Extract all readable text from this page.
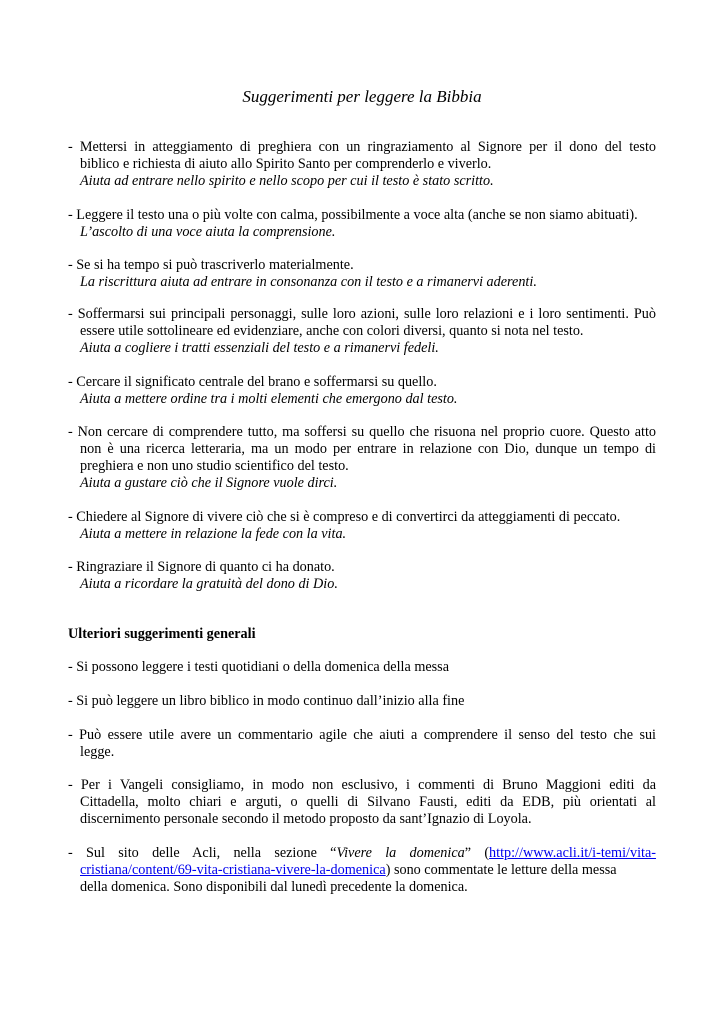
Suggerimenti per leggere la Bibbia
- Mettersi in atteggiamento di preghiera con un ringraziamento al Signore per il dono del testo
biblico e richiesta di aiuto allo Spirito Santo per comprenderlo e viverlo.
Aiuta ad entrare nello spirito e nello scopo per cui il testo è stato scritto.
- Leggere il testo una o più volte con calma, possibilmente a voce alta (anche se non siamo abituati).
L’ascolto di una voce aiuta la comprensione.
- Se si ha tempo si può trascriverlo materialmente.
La riscrittura aiuta ad entrare in consonanza con il testo e a rimanervi aderenti.
- Soffermarsi sui principali personaggi, sulle loro azioni, sulle loro relazioni e i loro sentimenti. Può
essere utile sottolineare ed evidenziare, anche con colori diversi, quanto si nota nel testo.
Aiuta a cogliere i tratti essenziali del testo e a rimanervi fedeli.
- Cercare il significato centrale del brano e soffermarsi su quello.
Aiuta a mettere ordine tra i molti elementi che emergono dal testo.
- Non cercare di comprendere tutto, ma soffersi su quello che risuona nel proprio cuore. Questo atto
non è una ricerca letteraria, ma un modo per entrare in relazione con Dio, dunque un tempo di
preghiera e non uno studio scientifico del testo.
Aiuta a gustare ciò che il Signore vuole dirci.
- Chiedere al Signore di vivere ciò che si è compreso e di convertirci da atteggiamenti di peccato.
Aiuta a mettere in relazione la fede con la vita.
- Ringraziare il Signore di quanto ci ha donato.
Aiuta a ricordare la gratuità del dono di Dio.
Ulteriori suggerimenti generali
- Si possono leggere i testi quotidiani o della domenica della messa
- Si può leggere un libro biblico in modo continuo dall’inizio alla fine
- Può essere utile avere un commentario agile che aiuti a comprendere il senso del testo che sui
legge.
- Per i Vangeli consigliamo, in modo non esclusivo, i commenti di Bruno Maggioni editi da
Cittadella, molto chiari e arguti, o quelli di Silvano Fausti, editi da EDB, più orientati al
discernimento personale secondo il metodo proposto da sant’Ignazio di Loyola.
- Sul sito delle Acli, nella sezione “Vivere la domenica” (http://www.acli.it/i-temi/vita-
cristiana/content/69-vita-cristiana-vivere-la-domenica) sono commentate le letture della messa
della domenica. Sono disponibili dal lunedì precedente la domenica.
